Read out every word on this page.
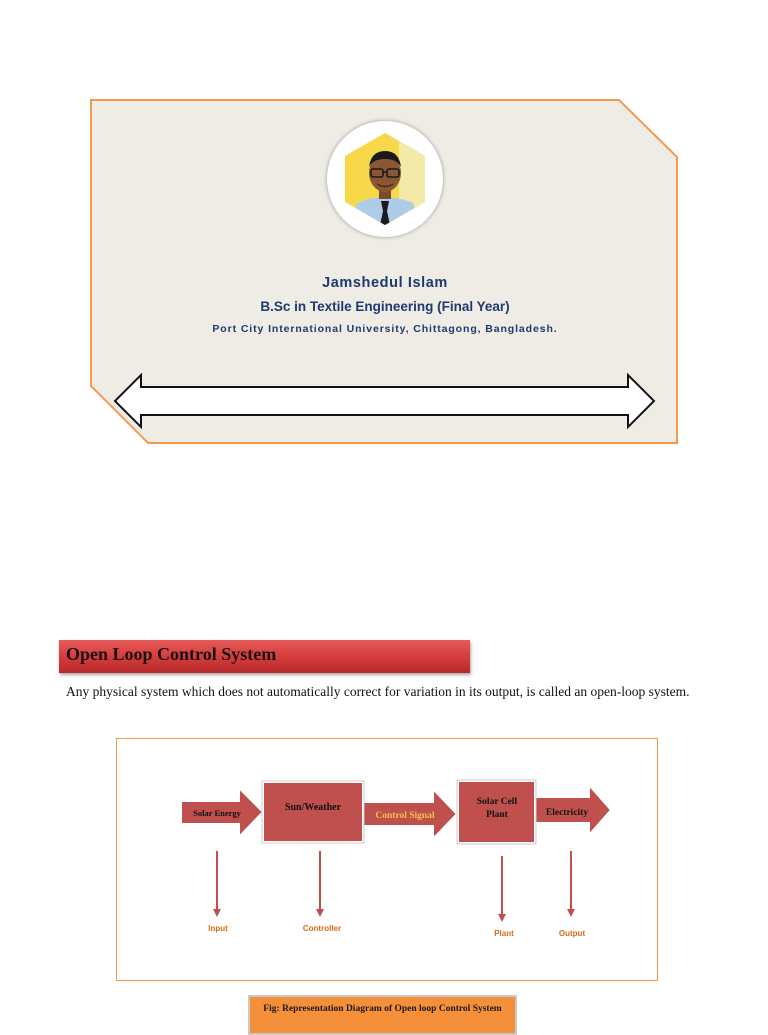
Jamshedul Islam
B.Sc in Textile Engineering (Final Year)
Port City International University, Chittagong, Bangladesh.
Open Loop Control System
Any physical system which does not automatically correct for variation in its output, is called an open-loop system.
Solar Energy	Control Signal	Electricity
Sun/Weather	Solar Cell
Plant
Input	Controller
Plant	Output
Fig: Representation Diagram of Open loop Control System
